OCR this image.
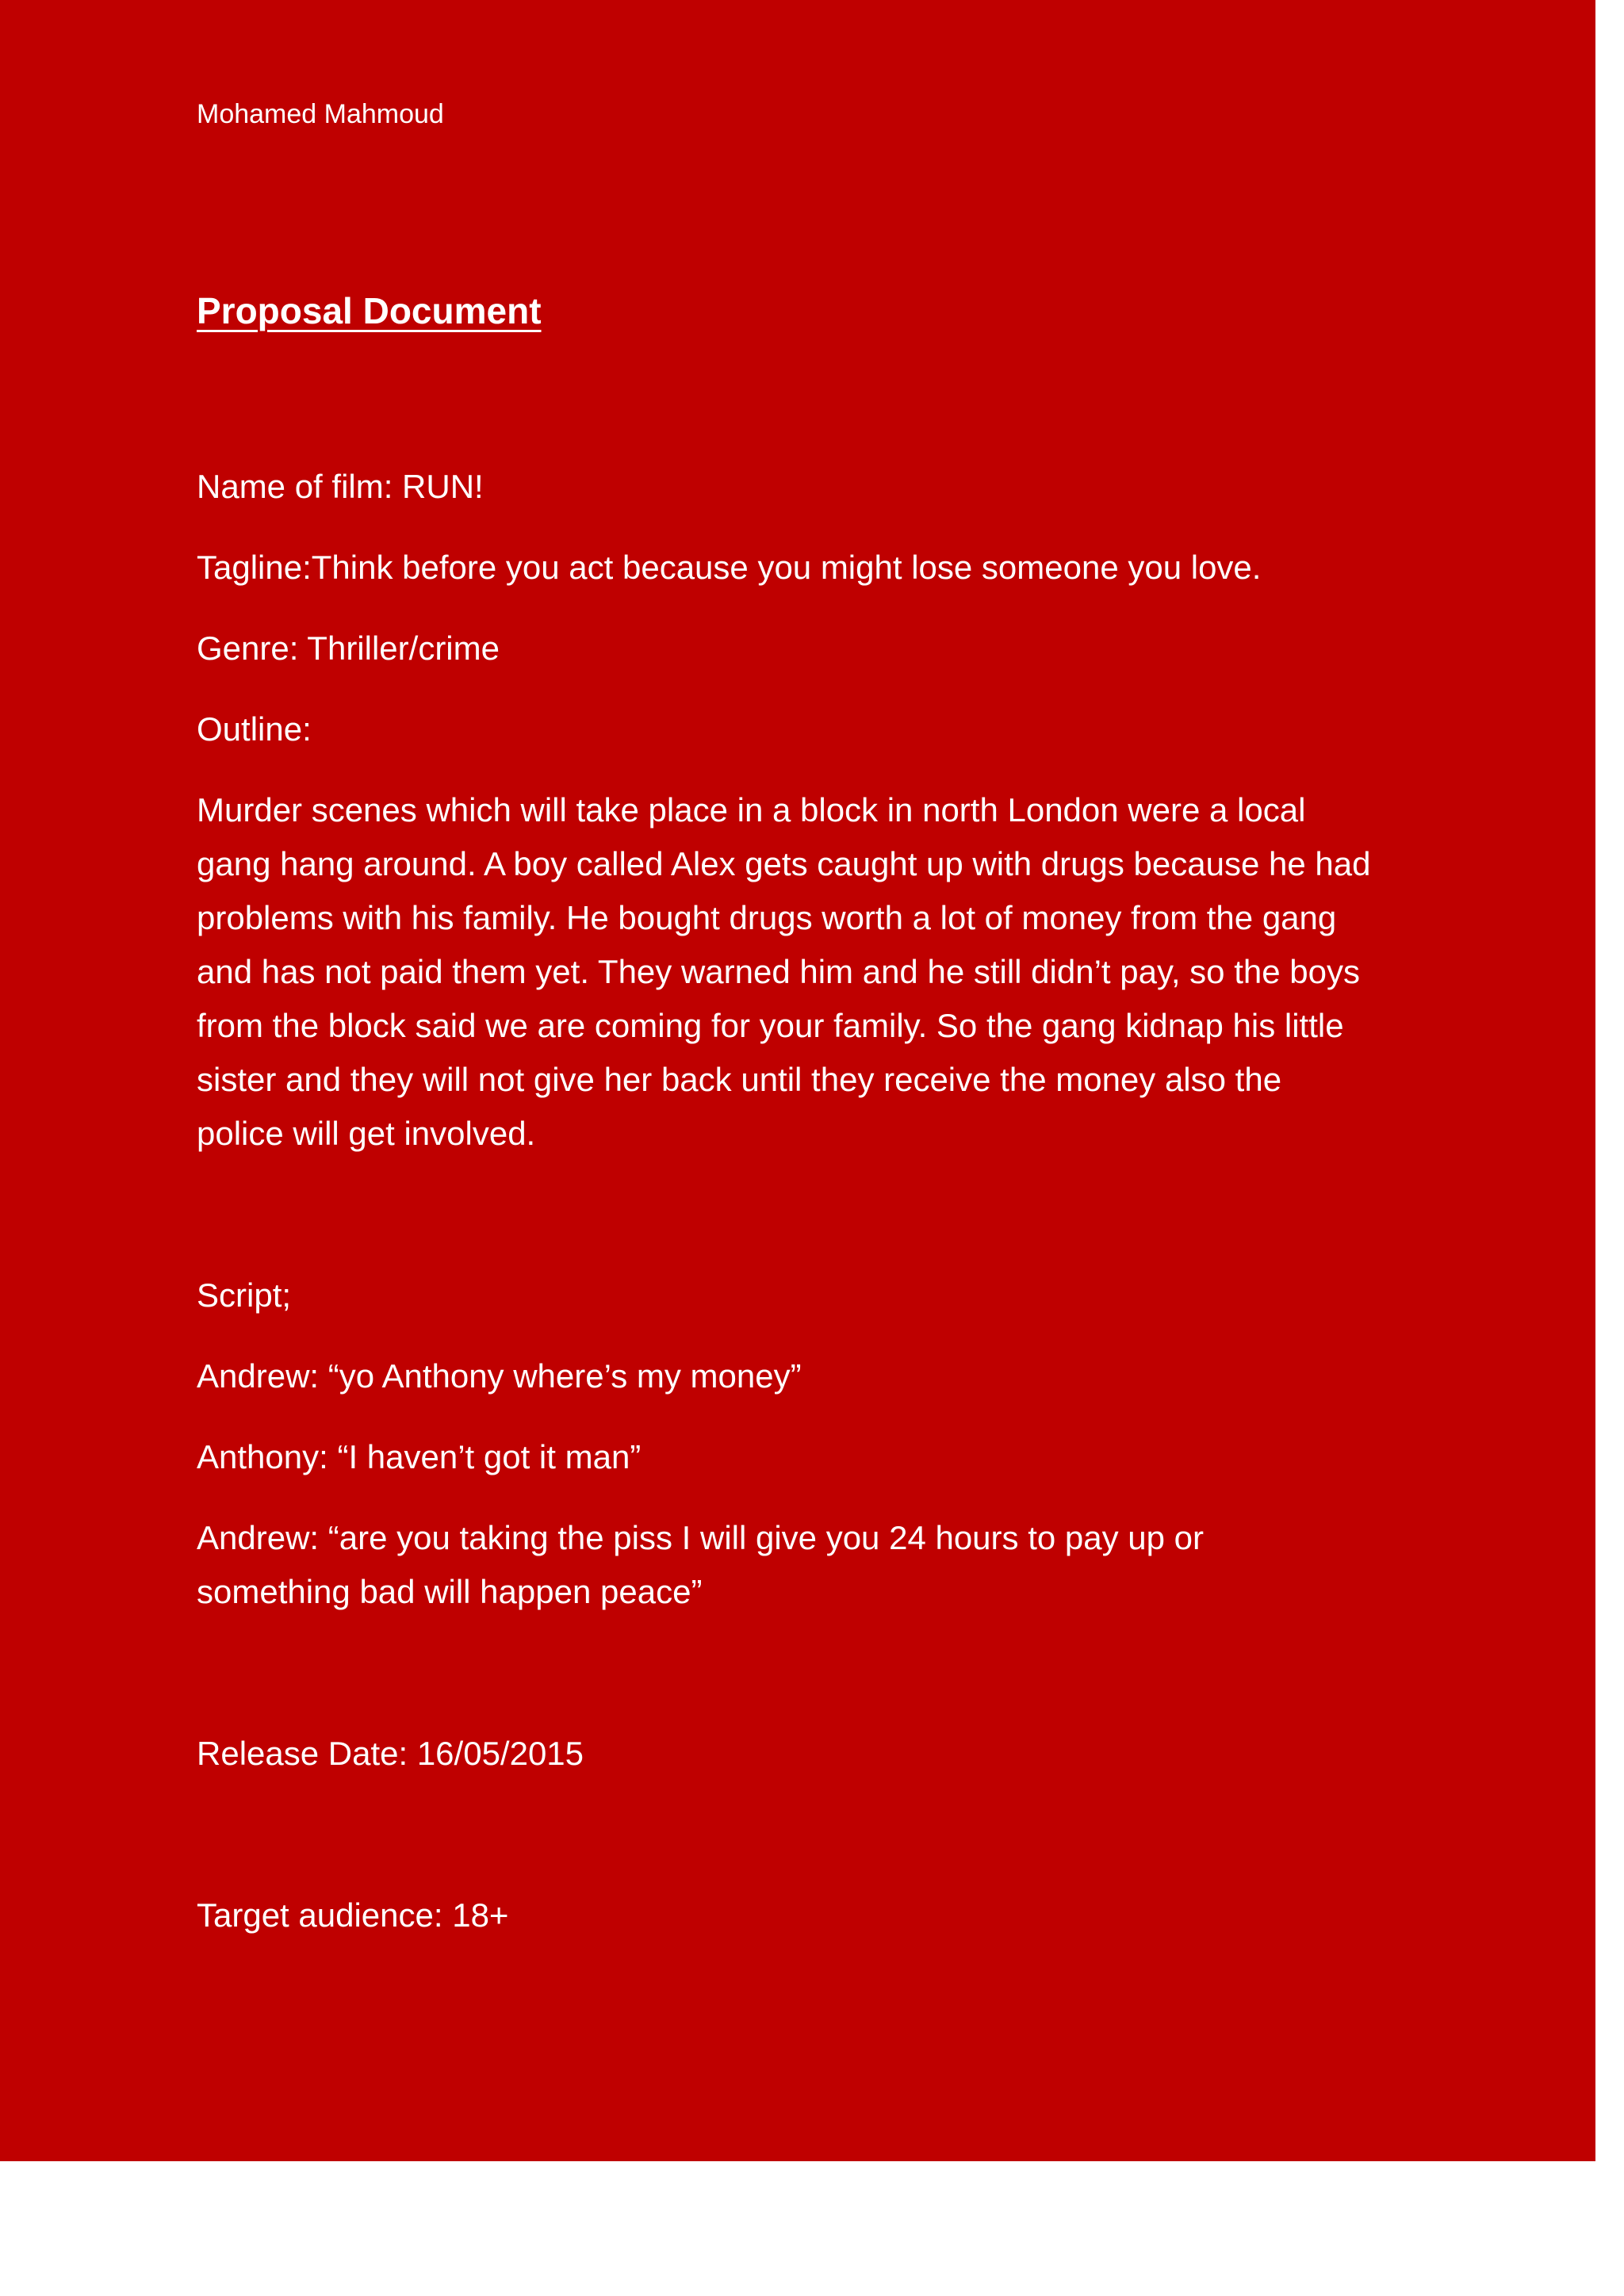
Mohamed Mahmoud

Proposal Document

Name of film: RUN!

Tagline:Think before you act because you might lose someone you love.

Genre: Thriller/crime

Outline:

Murder scenes which will take place in a block in north London were a local

gang hang around. A boy called Alex gets caught up with drugs because he had

problems with his family. He bought drugs worth a lot of money from the gang

and has not paid them yet. They warned him and he still didn’t pay, so the boys

from the block said we are coming for your family. So the gang kidnap his little

sister and they will not give her back until they receive the money also the

police will get involved.

Script;

Andrew: “yo Anthony where’s my money”

Anthony: “I haven’t got it man”

Andrew: “are you taking the piss I will give you 24 hours to pay up or

something bad will happen peace”

Release Date: 16/05/2015

Target audience: 18+
